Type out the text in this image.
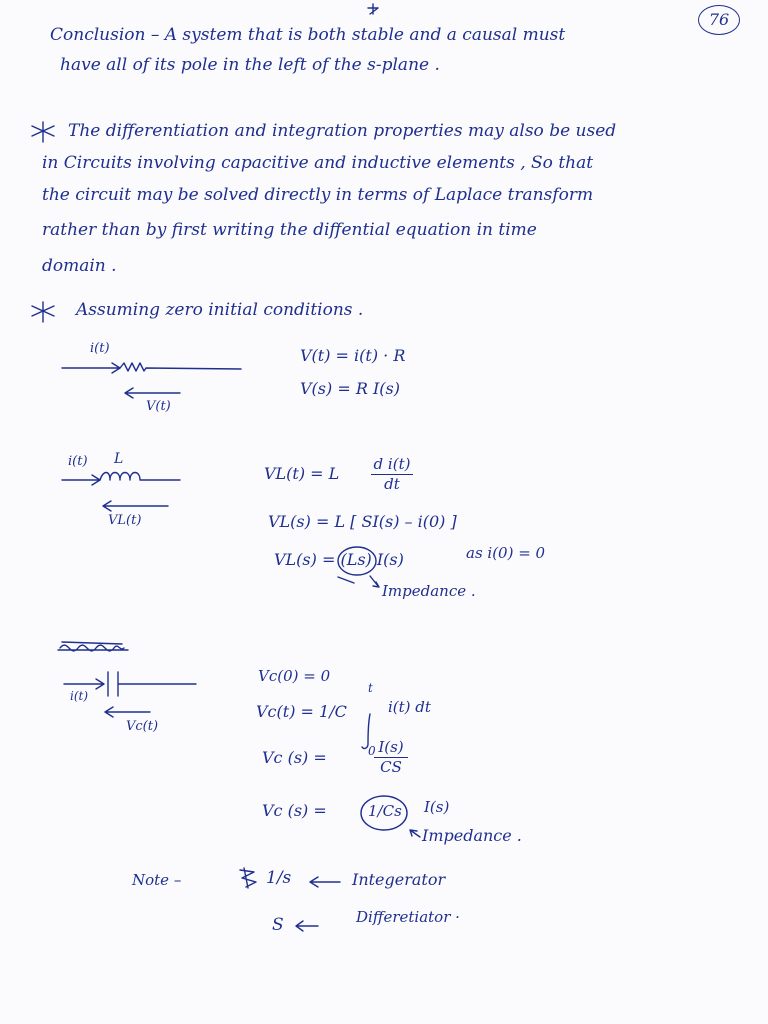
76
Conclusion – A system that is both stable and a causal must
have all of its pole in the left of the s-plane .
The differentiation and integration properties may also be used
in Circuits involving capacitive and inductive elements , So that
the circuit may be solved directly in terms of Laplace transform
rather than by first writing the diffential equation in time
domain .
Assuming zero initial conditions .
i(t)
V(t)
V(t) = i(t) · R
V(s) = R I(s)
i(t) L
VL(t)
VL(t) = L	d i(t)
dt
VL(s) = L [ SI(s) – i(0) ]
VL(s) = (Ls) I(s)	as i(0) = 0
Impedance .
i(t)
Vc(t)
Vc(0) = 0
Vc(t) = 1/C
t
0
i(t) dt
Vc (s) =
I(s)
CS
Vc (s) =	1/Cs I(s)
Impedance .
Note –	1/s	Integerator
S	Differetiator ·
